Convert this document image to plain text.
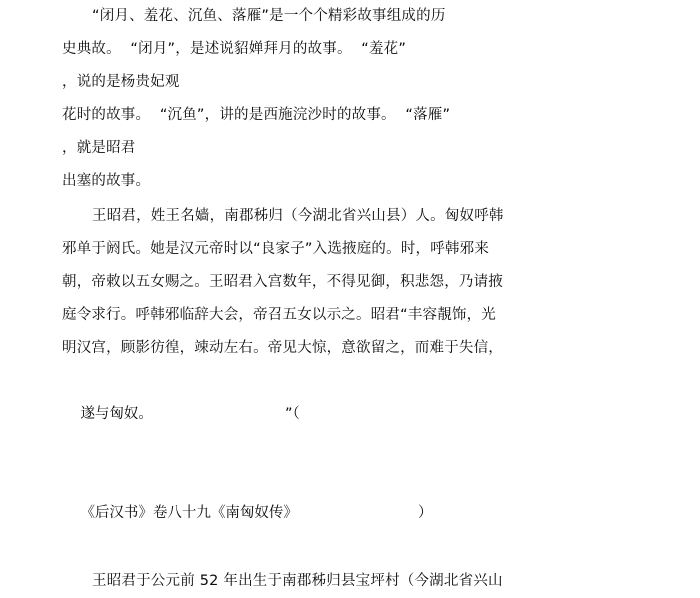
“闭月、羞花、沉鱼、落雁”是一个个精彩故事组成的历
史典故。  “闭月”，是述说貂婵拜月的故事。  “羞花”
，说的是杨贵妃观
花时的故事。  “沉鱼”，讲的是西施浣沙时的故事。  “落雁”
，就是昭君
出塞的故事。
王昭君，姓王名嫱，南郡秭归（今湖北省兴山县）人。匈奴呼韩
邪单于阏氏。她是汉元帝时以“良家子”入选掖庭的。时，呼韩邪来
朝，帝敕以五女赐之。王昭君入宫数年，不得见御，积悲怨，乃请掖
庭令求行。呼韩邪临辞大会，帝召五女以示之。昭君“丰容靚饰，光
明汉宫，顾影彷徨，竦动左右。帝见大惊，意欲留之，而难于失信，

遂与匈奴。	”（

《后汉书》卷八十九《南匈奴传》	）

王昭君于公元前 52 年出生于南郡秭归县宝坪村（今湖北省兴山
